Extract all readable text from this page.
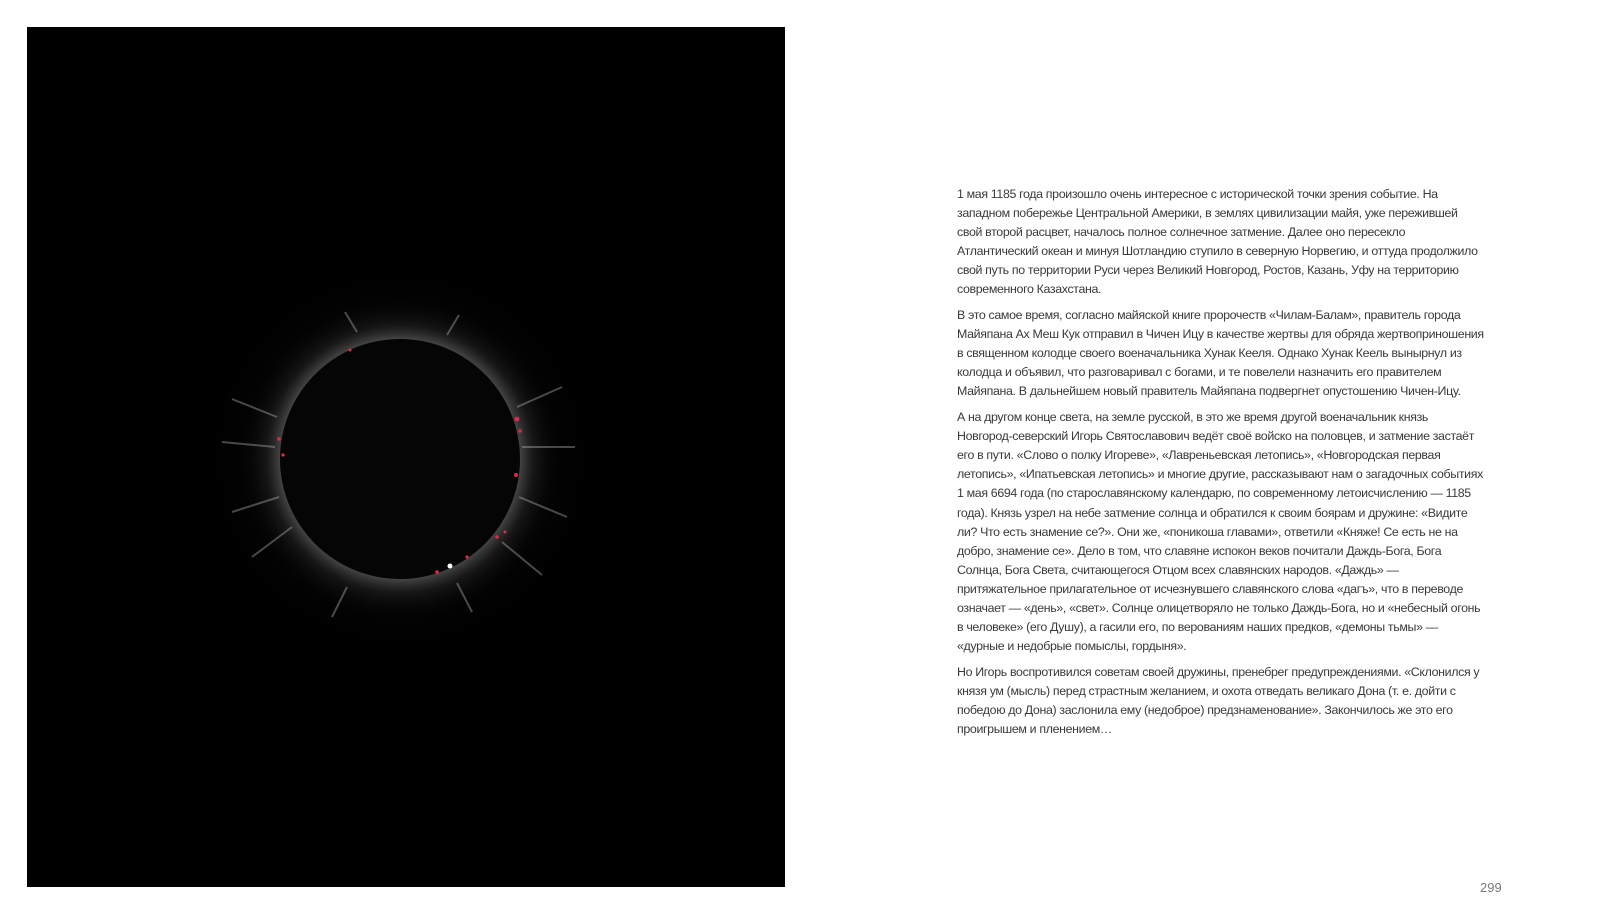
1 мая 1185 года произошло очень интересное с исторической точки зрения событие. На западном побережье Центральной Америки, в землях цивилизации майя, уже пережившей свой второй расцвет, началось полное солнечное затмение. Далее оно пересекло Атлантический океан и минуя Шотландию ступило в северную Норвегию, и оттуда продолжило свой путь по территории Руси через Великий Новгород, Ростов, Казань, Уфу на территорию современного Казахстана.

В это самое время, согласно майяской книге пророчеств «Чилам-Балам», правитель города Майяпана Ах Меш Кук отправил в Чичен Ицу в качестве жертвы для обряда жертвоприношения в священном колодце своего военачальника Хунак Кееля. Однако Хунак Кеель вынырнул из колодца и объявил, что разговаривал с богами, и те повелели назначить его правителем Майяпана. В дальнейшем новый правитель Майяпана подвергнет опустошению Чичен-Ицу.

А на другом конце света, на земле русской, в это же время другой военачальник князь Новгород-северский Игорь Святославович ведёт своё войско на половцев, и затмение застаёт его в пути. «Слово о полку Игореве», «Лавреньевская летопись», «Новгородская первая летопись», «Ипатьевская летопись» и многие другие, рассказывают нам о загадочных событиях 1 мая 6694 года (по старославянскому календарю, по современному летоисчислению — 1185 года). Князь узрел на небе затмение солнца и обратился к своим боярам и дружине: «Видите ли? Что есть знамение се?». Они же, «поникоша главами», ответили «Княже! Се есть не на добро, знамение се». Дело в том, что славяне испокон веков почитали Даждь-Бога, Бога Солнца, Бога Света, считающегося Отцом всех славянских народов. «Даждь» — притяжательное прилагательное от исчезнувшего славянского слова «дагъ», что в переводе означает — «день», «свет». Солнце олицетворяло не только Даждь-Бога, но и «небесный огонь в человеке» (его Душу), а гасили его, по верованиям наших предков, «демоны тьмы» — «дурные и недобрые помыслы, гордыня».

Но Игорь воспротивился советам своей дружины, пренебрег предупреждениями. «Склонился у князя ум (мысль) перед страстным желанием, и охота отведать великаго Дона (т. е. дойти с победою до Дона) заслонила ему (недоброе) предзнаменование». Закончилось же это его проигрышем и пленением…

299
